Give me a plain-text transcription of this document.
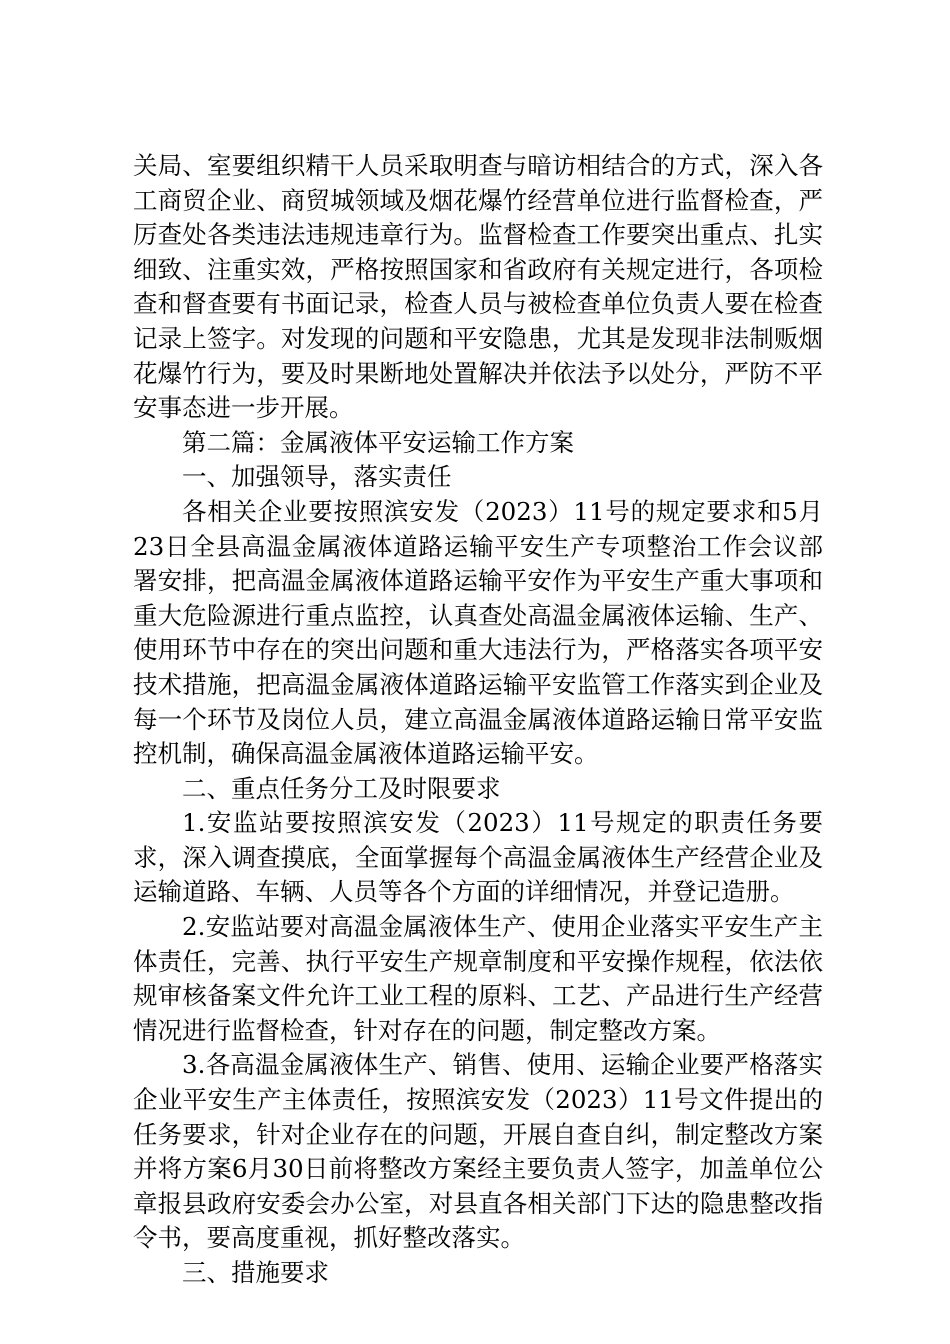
关局、室要组织精干人员采取明查与暗访相结合的方式，深入各工商贸企业、商贸城领域及烟花爆竹经营单位进行监督检查，严厉查处各类违法违规违章行为。监督检查工作要突出重点、扎实细致、注重实效，严格按照国家和省政府有关规定进行，各项检查和督查要有书面记录，检查人员与被检查单位负责人要在检查记录上签字。对发现的问题和平安隐患，尤其是发现非法制贩烟花爆竹行为，要及时果断地处置解决并依法予以处分，严防不平安事态进一步开展。

第二篇：金属液体平安运输工作方案

一、加强领导，落实责任

各相关企业要按照滨安发（2023）11号的规定要求和5月23日全县高温金属液体道路运输平安生产专项整治工作会议部署安排，把高温金属液体道路运输平安作为平安生产重大事项和重大危险源进行重点监控，认真查处高温金属液体运输、生产、使用环节中存在的突出问题和重大违法行为，严格落实各项平安技术措施，把高温金属液体道路运输平安监管工作落实到企业及每一个环节及岗位人员，建立高温金属液体道路运输日常平安监控机制，确保高温金属液体道路运输平安。

二、重点任务分工及时限要求

1.安监站要按照滨安发（2023）11号规定的职责任务要求，深入调查摸底，全面掌握每个高温金属液体生产经营企业及运输道路、车辆、人员等各个方面的详细情况，并登记造册。

2.安监站要对高温金属液体生产、使用企业落实平安生产主体责任，完善、执行平安生产规章制度和平安操作规程，依法依规审核备案文件允许工业工程的原料、工艺、产品进行生产经营情况进行监督检查，针对存在的问题，制定整改方案。

3.各高温金属液体生产、销售、使用、运输企业要严格落实企业平安生产主体责任，按照滨安发（2023）11号文件提出的任务要求，针对企业存在的问题，开展自查自纠，制定整改方案并将方案6月30日前将整改方案经主要负责人签字，加盖单位公章报县政府安委会办公室，对县直各相关部门下达的隐患整改指令书，要高度重视，抓好整改落实。

三、措施要求
